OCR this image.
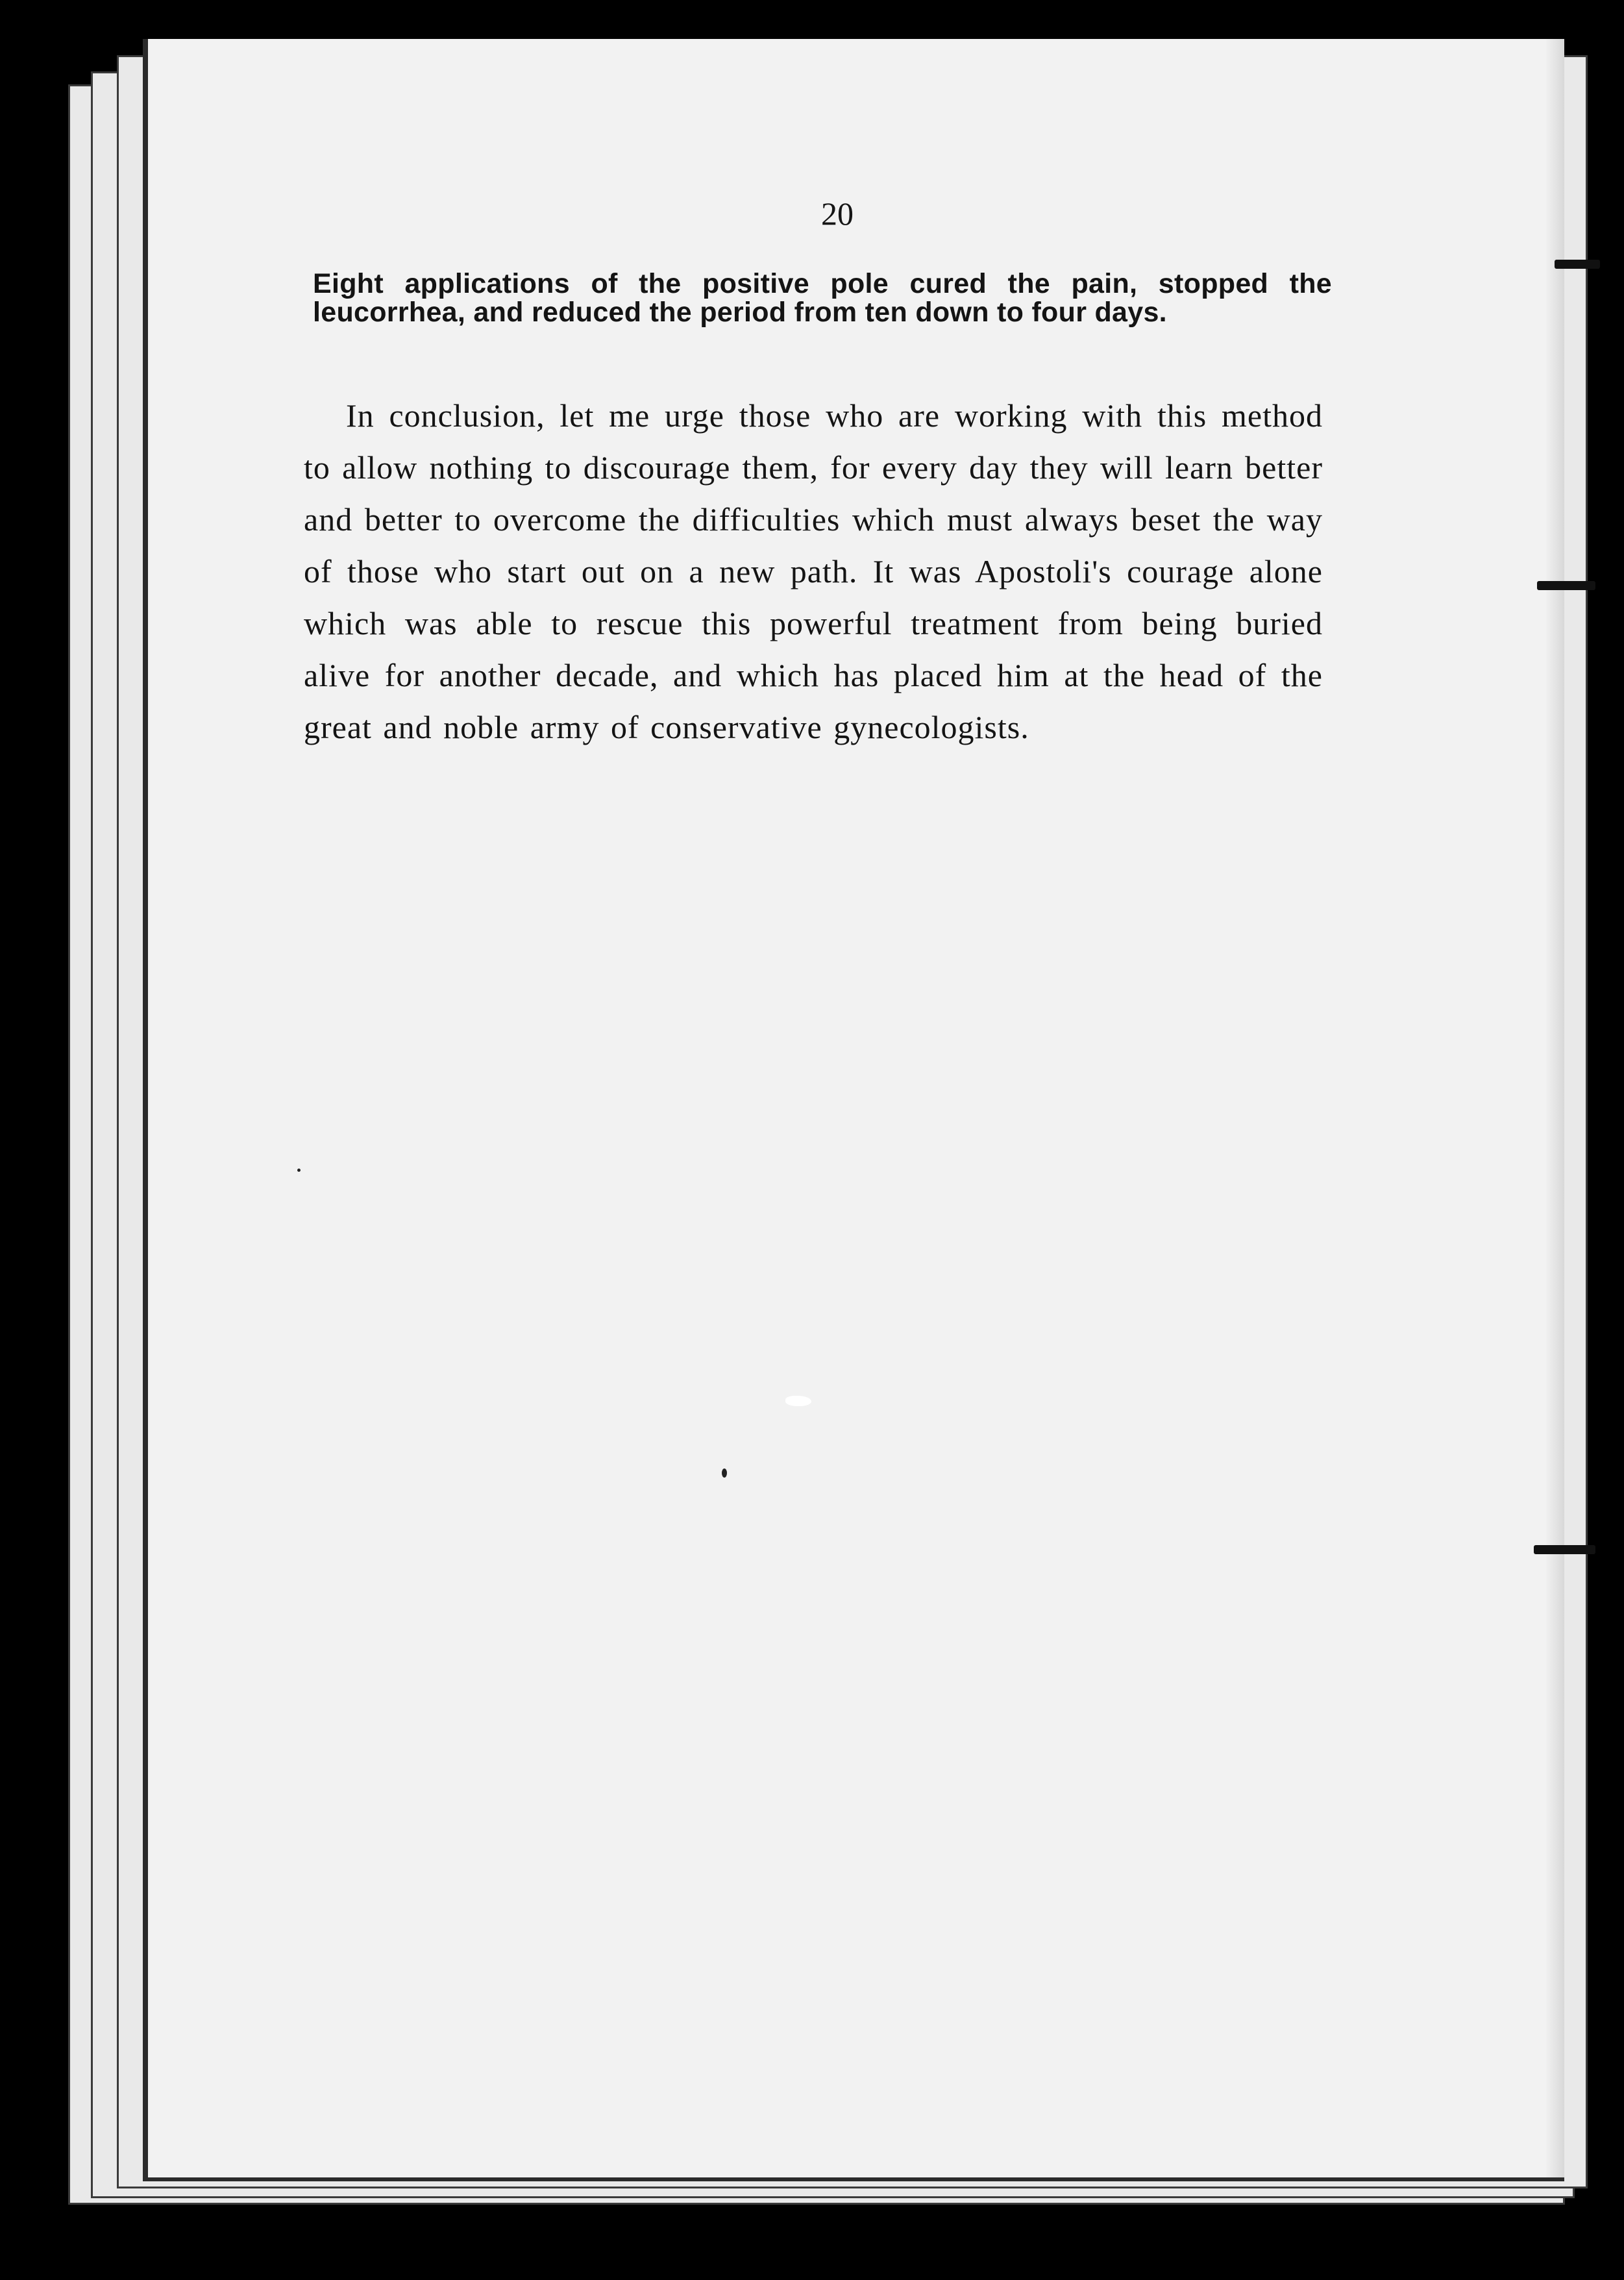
20

Eight applications of the positive pole cured the pain, stopped the leucorrhea, and reduced the period from ten down to four days.

In conclusion, let me urge those who are working with this method to allow nothing to discourage them, for every day they will learn better and better to overcome the difficulties which must always beset the way of those who start out on a new path. It was Apostoli's courage alone which was able to rescue this powerful treatment from being buried alive for another decade, and which has placed him at the head of the great and noble army of conservative gynecologists.
